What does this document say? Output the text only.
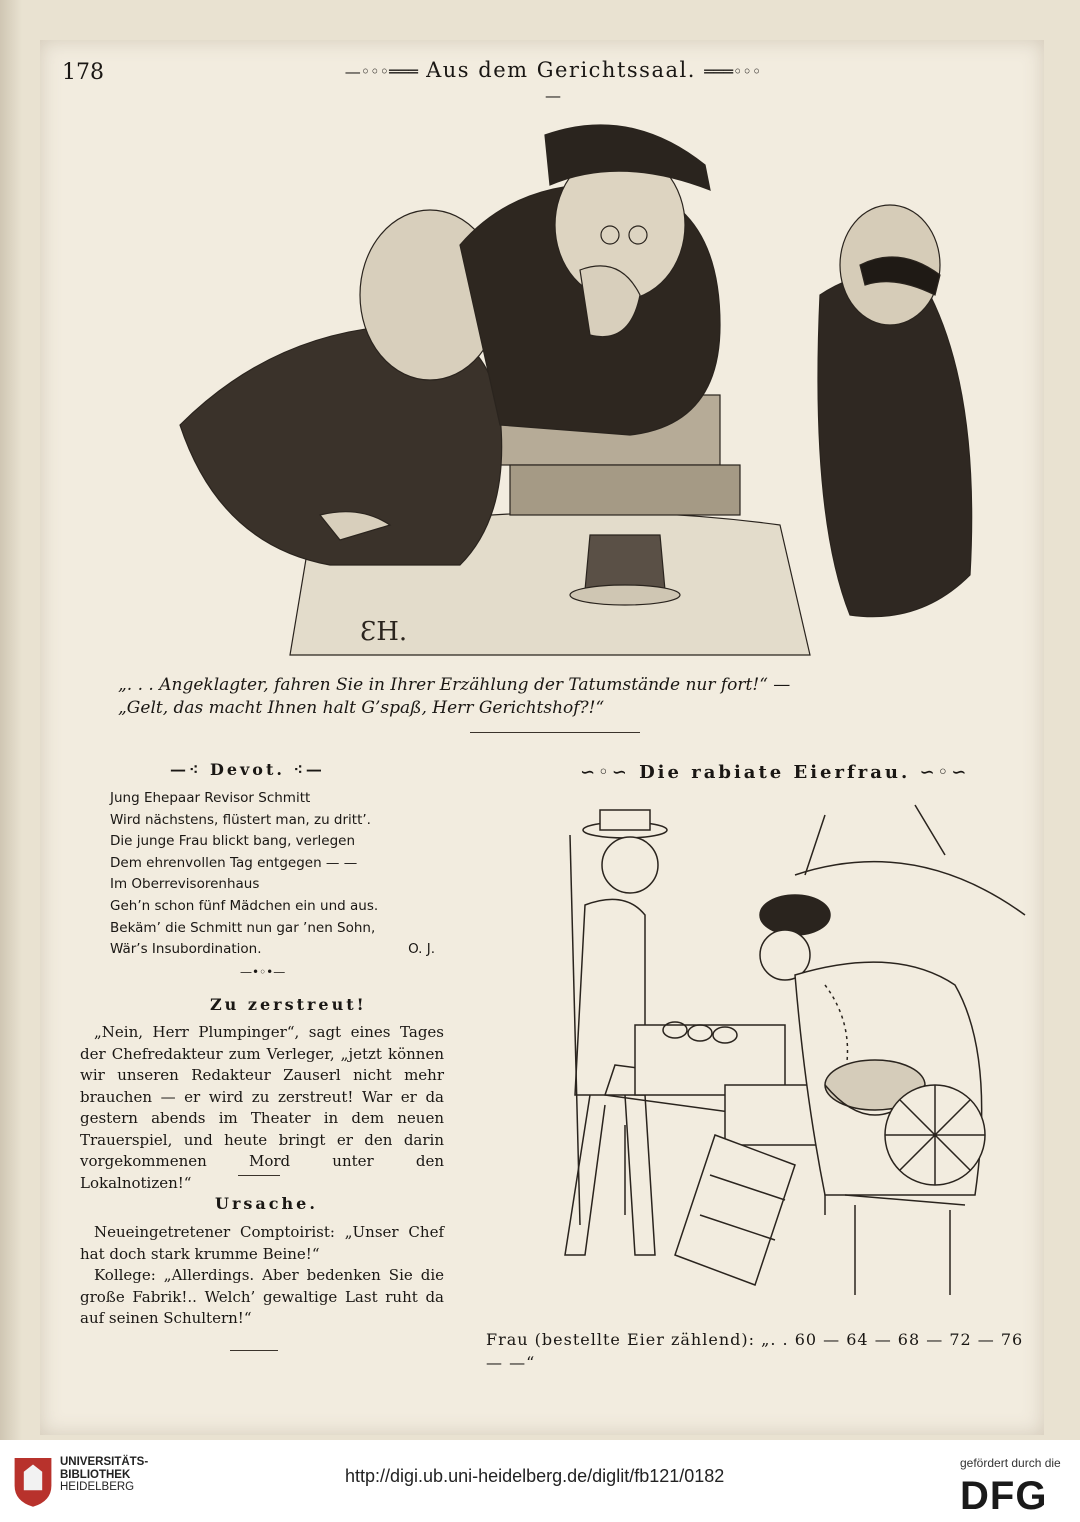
178	—◦◦◦═══ Aus dem Gerichtssaal. ═══◦◦◦—
ƐH.
„. . . Angeklagter, fahren Sie in Ihrer Erzählung der Tatumstände nur fort!“ —
„Gelt, das macht Ihnen halt G’spaß, Herr Gerichtshof?!“
—⁖ Devot. ⁖—
Jung Ehepaar Revisor Schmitt
Wird nächstens, flüstert man, zu dritt’.
Die junge Frau blickt bang, verlegen
Dem ehrenvollen Tag entgegen — —
Im Oberrevisorenhaus
Geh’n schon fünf Mädchen ein und aus.
Bekäm’ die Schmitt nun gar ’nen Sohn,
Wär’s Insubordination.	O. J.
—•◦•—
Zu zerstreut!

„Nein, Herr Plumpinger“, sagt eines Tages der Chefredakteur zum Verleger, „jetzt können wir unseren Redakteur Zauserl nicht mehr brauchen — er wird zu zerstreut! War er da gestern abends im Theater in dem neuen Trauerspiel, und heute bringt er den darin vorgekommenen Mord unter den Lokalnotizen!“

Ursache.

Neueingetretener Comptoirist: „Unser Chef hat doch stark krumme Beine!“

Kollege: „Allerdings. Aber bedenken Sie die große Fabrik!.. Welch’ gewaltige Last ruht da auf seinen Schultern!“

∽◦∽ Die rabiate Eierfrau. ∽◦∽
Frau (bestellte Eier zählend): „. . 60 — 64 — 68 — 72 — 76 — —“
UNIVERSITÄTS-
BIBLIOTHEK
HEIDELBERG
http://digi.ub.uni-heidelberg.de/diglit/fb121/0182
gefördert durch die
DFG
